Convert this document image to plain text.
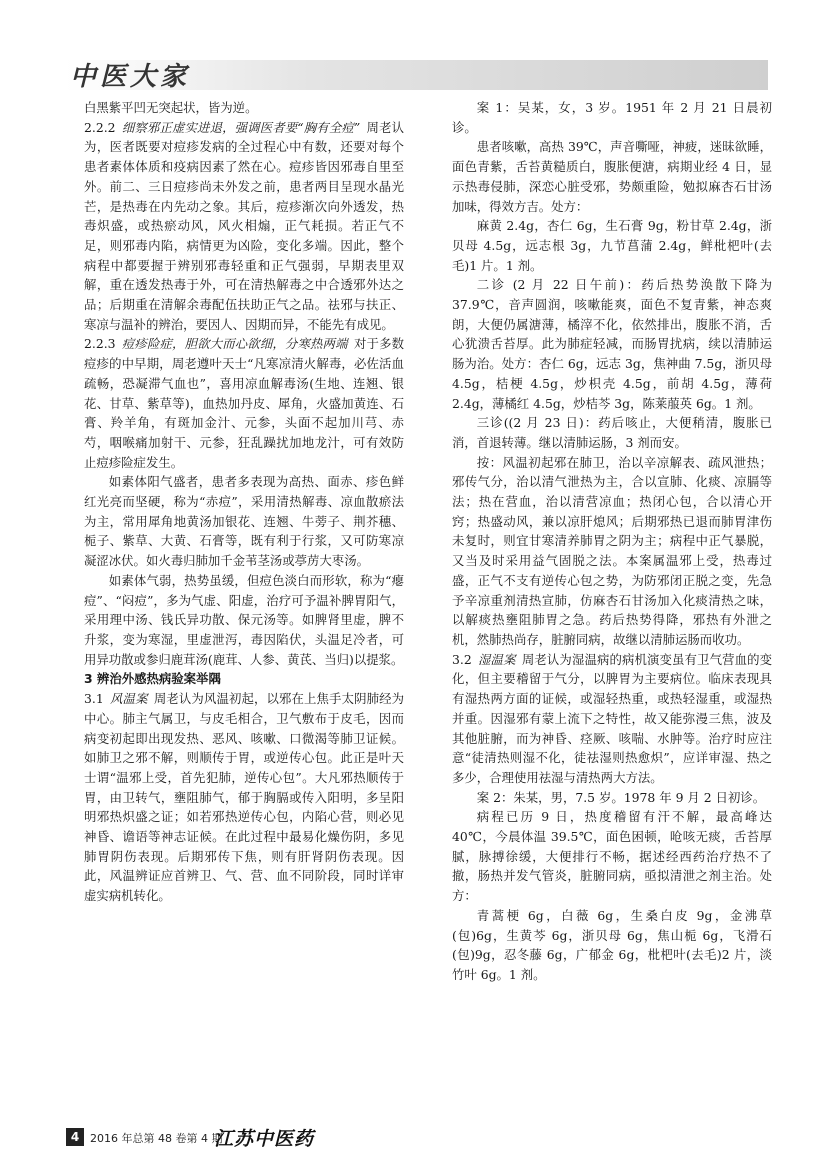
中医大家

白黑紫平凹无突起状，皆为逆。

2.2.2  细察邪正虚实进退，强调医者要“胸有全痘”  周老认为，医者既要对痘疹发病的全过程心中有数，还要对每个患者素体体质和疫病因素了然在心。痘疹皆因邪毒自里至外。前二、三日痘疹尚未外发之前，患者两目呈现水晶光芒，是热毒在内先动之象。其后，痘疹渐次向外透发，热毒炽盛，或热瘀动风，风火相煽，正气耗损。若正气不足，则邪毒内陷，病情更为凶险，变化多端。因此，整个病程中都要握于辨别邪毒轻重和正气强弱，早期表里双解，重在透发热毒于外，可在清热解毒之中合透邪外达之品；后期重在清解余毒配伍扶助正气之品。祛邪与扶正、寒凉与温补的辨治，要因人、因期而异，不能先有成见。

2.2.3  痘疹险症，胆欲大而心欲细，分寒热两端  对于多数痘疹的中早期，周老遵叶天士“凡寒凉清火解毒，必佐活血疏畅，恐凝滞气血也”，喜用凉血解毒汤(生地、连翘、银花、甘草、紫草等)，血热加丹皮、犀角，火盛加黄连、石膏、羚羊角，有斑加金汁、元参，头面不起加川芎、赤芍，咽喉痛加射干、元参，狂乱躁扰加地龙汁，可有效防止痘疹险症发生。

如素体阳气盛者，患者多表现为高热、面赤、疹色鲜红光亮而坚硬，称为“赤痘”，采用清热解毒、凉血散瘀法为主，常用犀角地黄汤加银花、连翘、牛蒡子、荆芥穗、栀子、紫草、大黄、石膏等，既有利于行浆，又可防寒凉凝涩冰伏。如火毒归肺加千金苇茎汤或葶苈大枣汤。

如素体气弱，热势虽缓，但痘色淡白而形软，称为“瘪痘”、“闷痘”，多为气虚、阳虚，治疗可予温补脾胃阳气，采用理中汤、钱氏异功散、保元汤等。如脾肾里虚，脾不升浆，变为寒湿，里虚泄泻，毒因陷伏，头温足冷者，可用异功散或参归鹿茸汤(鹿茸、人参、黄芪、当归)以提浆。

3 辨治外感热病验案举隅

3.1  风温案  周老认为风温初起，以邪在上焦手太阴肺经为中心。肺主气属卫，与皮毛相合，卫气敷布于皮毛，因而病变初起即出现发热、恶风、咳嗽、口微渴等肺卫证候。如肺卫之邪不解，则顺传于胃，或逆传心包。此正是叶天士谓“温邪上受，首先犯肺，逆传心包”。大凡邪热顺传于胃，由卫转气，壅阻肺气，郁于胸膈或传入阳明，多呈阳明邪热炽盛之证；如若邪热逆传心包，内陷心营，则必见神昏、谵语等神志证候。在此过程中最易化燥伤阴，多见肺胃阴伤表现。后期邪传下焦，则有肝肾阴伤表现。因此，风温辨证应首辨卫、气、营、血不同阶段，同时详审虚实病机转化。

案 1：吴某，女，3 岁。1951 年 2 月 21 日晨初诊。

患者咳嗽，高热 39℃，声音嘶哑，神疲，迷昧欲睡，面色青紫，舌苔黄糙质白，腹胀便溏，病期业经 4 日，显示热毒侵肺，深恋心脏受邪，势颇重险，勉拟麻杏石甘汤加味，得效方吉。处方：

麻黄 2.4g，杏仁 6g，生石膏 9g，粉甘草 2.4g，浙贝母 4.5g，远志根 3g，九节菖蒲 2.4g，鲜枇杷叶(去毛)1 片。1 剂。

二诊 (2 月 22 日午前)：药后热势涣散下降为 37.9℃，音声圆润，咳嗽能爽，面色不复青紫，神态爽朗，大便仍属溏薄，橘滓不化，依然排出，腹胀不消，舌心犹溃舌苔厚。此为肺症轻减，而肠胃扰病，续以清肺运肠为治。处方：杏仁 6g，远志 3g，焦神曲 7.5g，浙贝母 4.5g，桔梗 4.5g，炒枳壳 4.5g，前胡 4.5g，薄荷 2.4g，薄橘红 4.5g，炒桔芩 3g，陈莱菔英 6g。1 剂。

三诊((2 月 23 日)：药后咳止，大便稍清，腹胀已消，首退转薄。继以清肺运肠，3 剂而安。

按：风温初起邪在肺卫，治以辛凉解表、疏风泄热；邪传气分，治以清气泄热为主，合以宣肺、化痰、凉膈等法；热在营血，治以清营凉血；热闭心包，合以清心开窍；热盛动风，兼以凉肝熄风；后期邪热已退而肺胃津伤未复时，则宜甘寒清养肺胃之阴为主；病程中正气暴脱，又当及时采用益气固脱之法。本案属温邪上受，热毒过盛，正气不支有逆传心包之势，为防邪闭正脱之变，先急予辛凉重剂清热宣肺，仿麻杏石甘汤加入化痰清热之味，以解痰热壅阻肺胃之急。药后热势得降，邪热有外泄之机，然肺热尚存，脏腑同病，故继以清肺运肠而收功。

3.2  湿温案  周老认为湿温病的病机演变虽有卫气营血的变化，但主要稽留于气分，以脾胃为主要病位。临床表现具有湿热两方面的证候，或湿轻热重，或热轻湿重，或湿热并重。因湿邪有蒙上流下之特性，故又能弥漫三焦，波及其他脏腑，而为神昏、痉厥、咳喘、水肿等。治疗时应注意“徒清热则湿不化，徒祛湿则热愈炽”，应详审湿、热之多少，合理使用祛湿与清热两大方法。

案 2：朱某，男，7.5 岁。1978 年 9 月 2 日初诊。

病程已历 9 日，热度稽留有汗不解，最高峰达 40℃，今晨体温 39.5℃，面色困顿，呛咳无痰，舌苔厚腻，脉搏徐缓，大便排行不畅，据述经西药治疗热不了撤，肠热并发气管炎，脏腑同病，亟拟清泄之剂主治。处方：

青蒿梗 6g，白薇 6g，生桑白皮 9g，金沸草(包)6g，生黄芩 6g，浙贝母 6g，焦山栀 6g，飞滑石(包)9g，忍冬藤 6g，广郁金 6g，枇杷叶(去毛)2 片，淡竹叶 6g。1 剂。

4 2016 年总第 48 卷第 4 期
江苏中医药
